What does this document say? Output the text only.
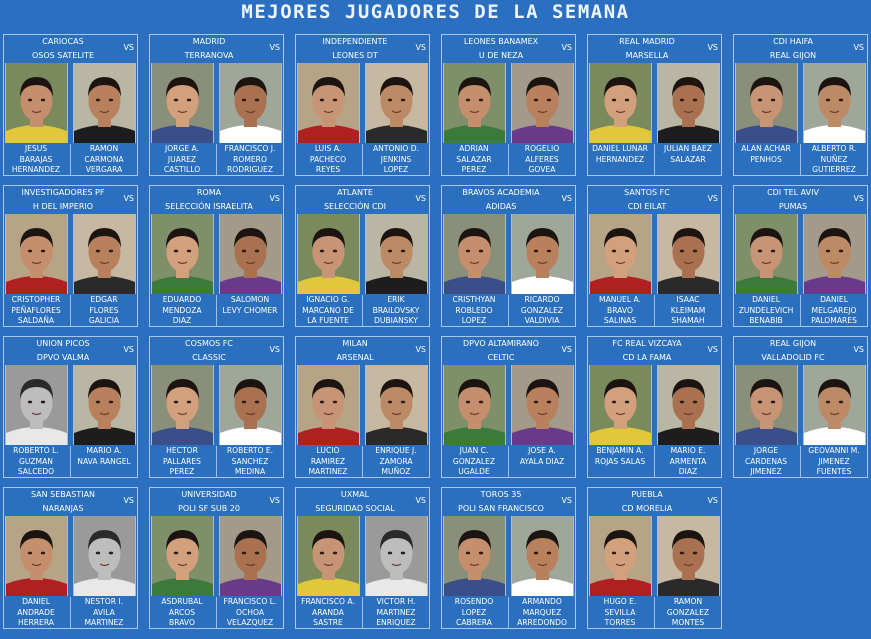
MEJORES JUGADORES DE LA SEMANA
CARIOCAS
OSOS SATELITE
VS
JESUS
BARAJAS
HERNANDEZ
RAMON
CARMONA
VERGARA
MADRID
TERRANOVA
VS
JORGE A.
JUAREZ
CASTILLO
FRANCISCO J.
ROMERO
RODRIGUEZ
INDEPENDIENTE
LEONES DT
VS
LUIS A.
PACHECO
REYES
ANTONIO D.
JENKINS
LOPEZ
LEONES BANAMEX
U DE NEZA
VS
ADRIAN
SALAZAR
PEREZ
ROGELIO
ALFERES
GOVEA
REAL MADRID
MARSELLA
VS
DANIEL LUNAR
HERNANDEZ
JULIAN BAEZ
SALAZAR
CDI HAIFA
REAL GIJON
VS
ALAN ACHAR
PENHOS
ALBERTO R.
NUÑEZ
GUTIERREZ
INVESTIGADORES PF
H DEL IMPERIO
VS
CRISTOPHER
PEÑAFLORES
SALDAÑA
EDGAR
FLORES
GALICIA
ROMA
SELECCIÓN ISRAELITA
VS
EDUARDO
MENDOZA
DIAZ
SALOMON
LEVY CHOMER
ATLANTE
SELECCIÓN CDI
VS
IGNACIO G.
MARCANO DE
LA FUENTE
ERIK
BRAILOVSKY
DUBIANSKY
BRAVOS ACADEMIA
ADIDAS
VS
CRISTHYAN
ROBLEDO
LOPEZ
RICARDO
GONZALEZ
VALDIVIA
SANTOS FC
CDI EILAT
VS
MANUEL A.
BRAVO
SALINAS
ISAAC
KLEIMAM
SHAMAH
CDI TEL AVIV
PUMAS
VS
DANIEL
ZUNDELEVICH
BENABIB
DANIEL
MELGAREJO
PALOMARES
UNION PICOS
DPVO VALMA
VS
ROBERTO L.
GUZMAN
SALCEDO
MARIO A.
NAVA RANGEL
COSMOS FC
CLASSIC
VS
HECTOR
PALLARES
PEREZ
ROBERTO E.
SANCHEZ
MEDINA
MILAN
ARSENAL
VS
LUCIO
RAMIREZ
MARTINEZ
ENRIQUE J.
ZAMORA
MUÑOZ
DPVO ALTAMIRANO
CELTIC
VS
JUAN C.
GONZALEZ
UGALDE
JOSE A.
AYALA DIAZ
FC REAL VIZCAYA
CD LA FAMA
VS
BENJAMIN A.
ROJAS SALAS
MARIO E.
ARMENTA
DIAZ
REAL GIJON
VALLADOLID FC
VS
JORGE
CARDENAS
JIMENEZ
GEOVANNI M.
JIMENEZ
FUENTES
SAN SEBASTIAN
NARANJAS
VS
DANIEL
ANDRADE
HERRERA
NESTOR I.
AVILA
MARTINEZ
UNIVERSIDAD
POLI SF SUB 20
VS
ASDRUBAL
ARCOS
BRAVO
FRANCISCO L.
OCHOA
VELAZQUEZ
UXMAL
SEGURIDAD SOCIAL
VS
FRANCISCO A.
ARANDA
SASTRE
VICTOR H.
MARTINEZ
ENRIQUEZ
TOROS 35
POLI SAN FRANCISCO
VS
ROSENDO
LOPEZ
CABRERA
ARMANDO
MARQUEZ
ARREDONDO
PUEBLA
CD MORELIA
VS
HUGO E.
SEVILLA
TORRES
RAMON
GONZALEZ
MONTES
